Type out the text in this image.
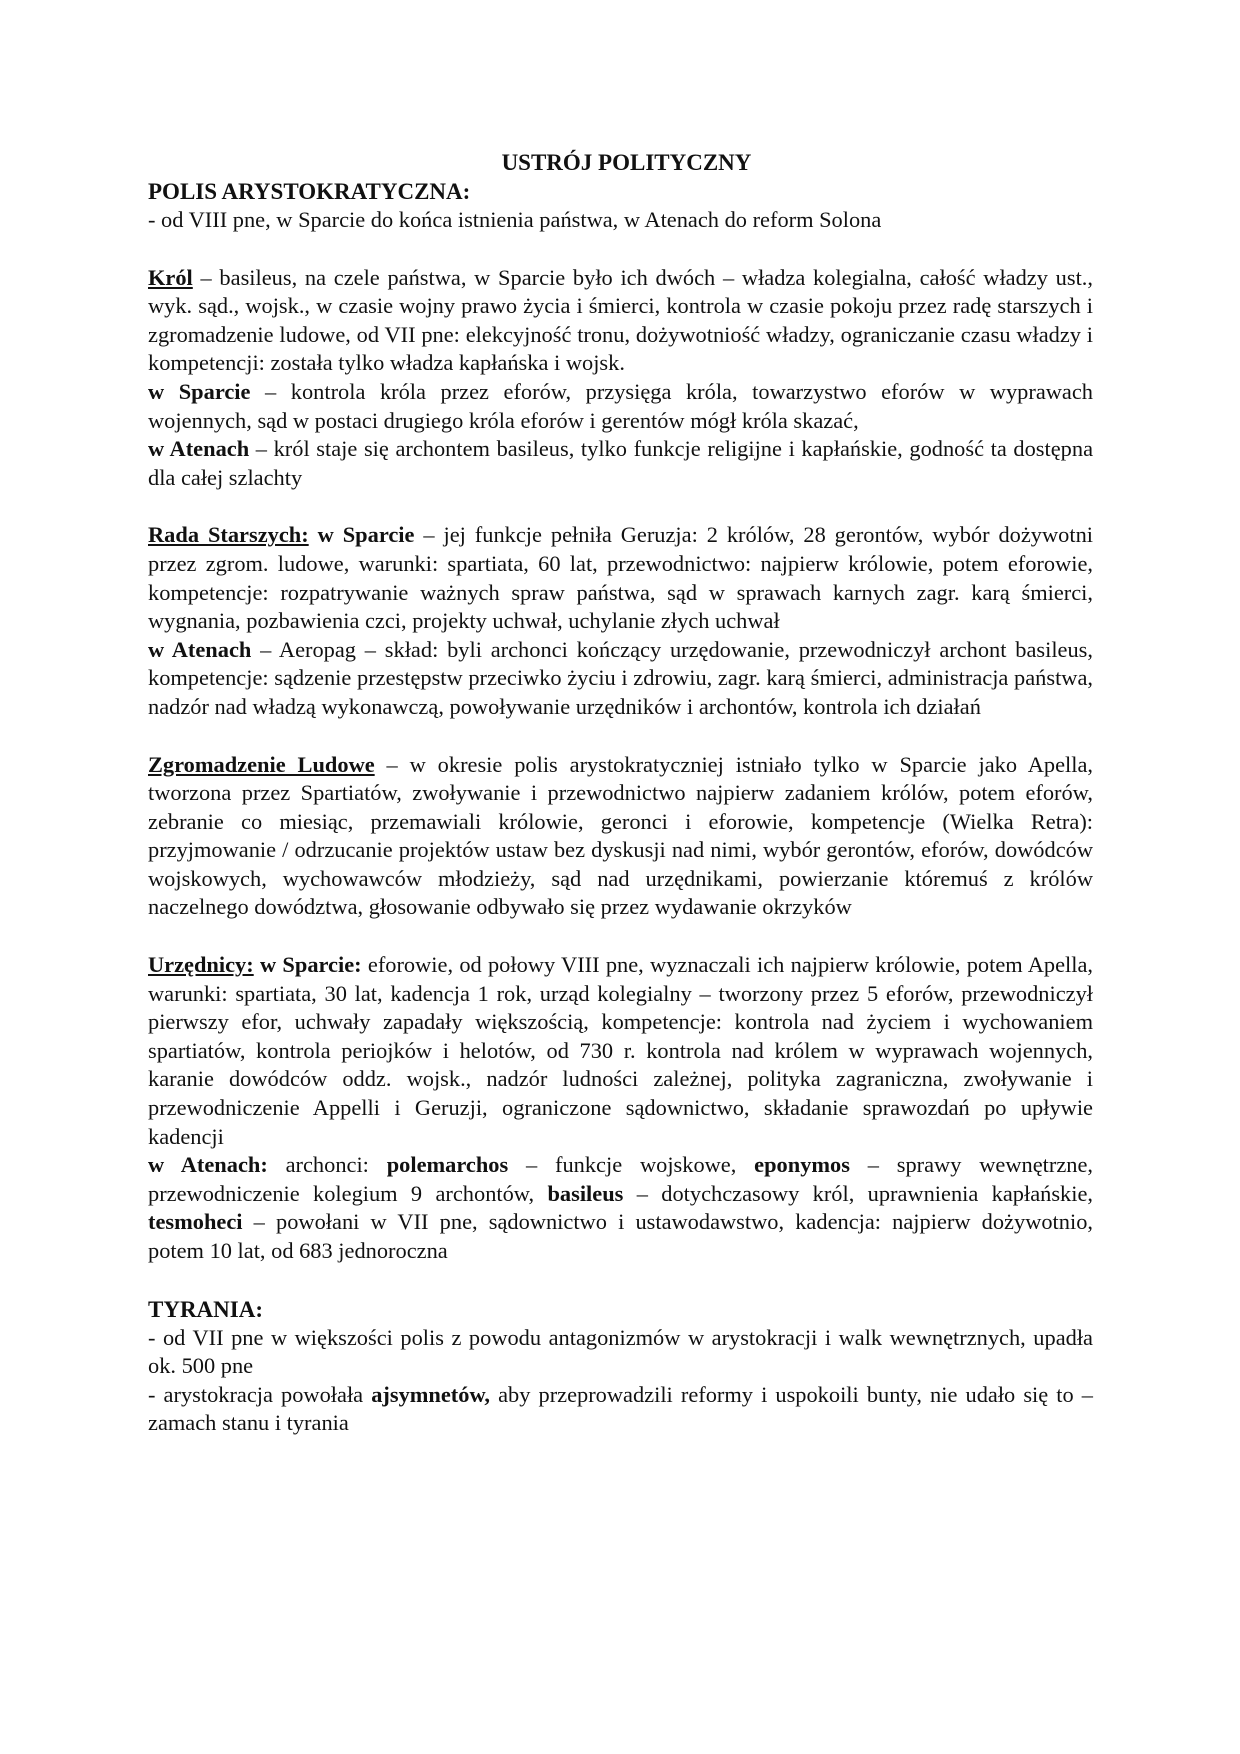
USTRÓJ POLITYCZNY
POLIS ARYSTOKRATYCZNA:

- od VIII pne, w Sparcie do końca istnienia państwa, w Atenach do reform Solona

Król – basileus, na czele państwa, w Sparcie było ich dwóch – władza kolegialna, całość władzy ust., wyk. sąd., wojsk., w czasie wojny prawo życia i śmierci, kontrola w czasie pokoju przez radę starszych i zgromadzenie ludowe, od VII pne: elekcyjność tronu, dożywotniość władzy, ograniczanie czasu władzy i kompetencji: została tylko władza kapłańska i wojsk.

w Sparcie – kontrola króla przez eforów, przysięga króla, towarzystwo eforów w wyprawach wojennych, sąd w postaci drugiego króla eforów i gerentów mógł króla skazać,

w Atenach – król staje się archontem basileus, tylko funkcje religijne i kapłańskie, godność ta dostępna dla całej szlachty

Rada Starszych: w Sparcie – jej funkcje pełniła Geruzja: 2 królów, 28 gerontów, wybór dożywotni przez zgrom. ludowe, warunki: spartiata, 60 lat, przewodnictwo: najpierw królowie, potem eforowie, kompetencje: rozpatrywanie ważnych spraw państwa, sąd w sprawach karnych zagr. karą śmierci, wygnania, pozbawienia czci, projekty uchwał, uchylanie złych uchwał

w Atenach – Aeropag – skład: byli archonci kończący urzędowanie, przewodniczył archont basileus, kompetencje: sądzenie przestępstw przeciwko życiu i zdrowiu, zagr. karą śmierci, administracja państwa, nadzór nad władzą wykonawczą, powoływanie urzędników i archontów, kontrola ich działań

Zgromadzenie Ludowe – w okresie polis arystokratyczniej istniało tylko w Sparcie jako Apella, tworzona przez Spartiatów, zwoływanie i przewodnictwo najpierw zadaniem królów, potem eforów, zebranie co miesiąc, przemawiali królowie, geronci i eforowie, kompetencje (Wielka Retra): przyjmowanie / odrzucanie projektów ustaw bez dyskusji nad nimi, wybór gerontów, eforów, dowódców wojskowych, wychowawców młodzieży, sąd nad urzędnikami, powierzanie któremuś z królów naczelnego dowództwa, głosowanie odbywało się przez wydawanie okrzyków

Urzędnicy: w Sparcie: eforowie, od połowy VIII pne, wyznaczali ich najpierw królowie, potem Apella, warunki: spartiata, 30 lat, kadencja 1 rok, urząd kolegialny – tworzony przez 5 eforów, przewodniczył pierwszy efor, uchwały zapadały większością, kompetencje: kontrola nad życiem i wychowaniem spartiatów, kontrola periojków i helotów, od 730 r. kontrola nad królem w wyprawach wojennych, karanie dowódców oddz. wojsk., nadzór ludności zależnej, polityka zagraniczna, zwoływanie i przewodniczenie Appelli i Geruzji, ograniczone sądownictwo, składanie sprawozdań po upływie kadencji

w Atenach: archonci: polemarchos – funkcje wojskowe, eponymos – sprawy wewnętrzne, przewodniczenie kolegium 9 archontów, basileus – dotychczasowy król, uprawnienia kapłańskie, tesmoheci – powołani w VII pne, sądownictwo i ustawodawstwo, kadencja: najpierw dożywotnio, potem 10 lat, od 683 jednoroczna

TYRANIA:

- od VII pne w większości polis z powodu antagonizmów w arystokracji i walk wewnętrznych, upadła ok. 500 pne

- arystokracja powołała ajsymnetów, aby przeprowadzili reformy i uspokoili bunty, nie udało się to – zamach stanu i tyrania
